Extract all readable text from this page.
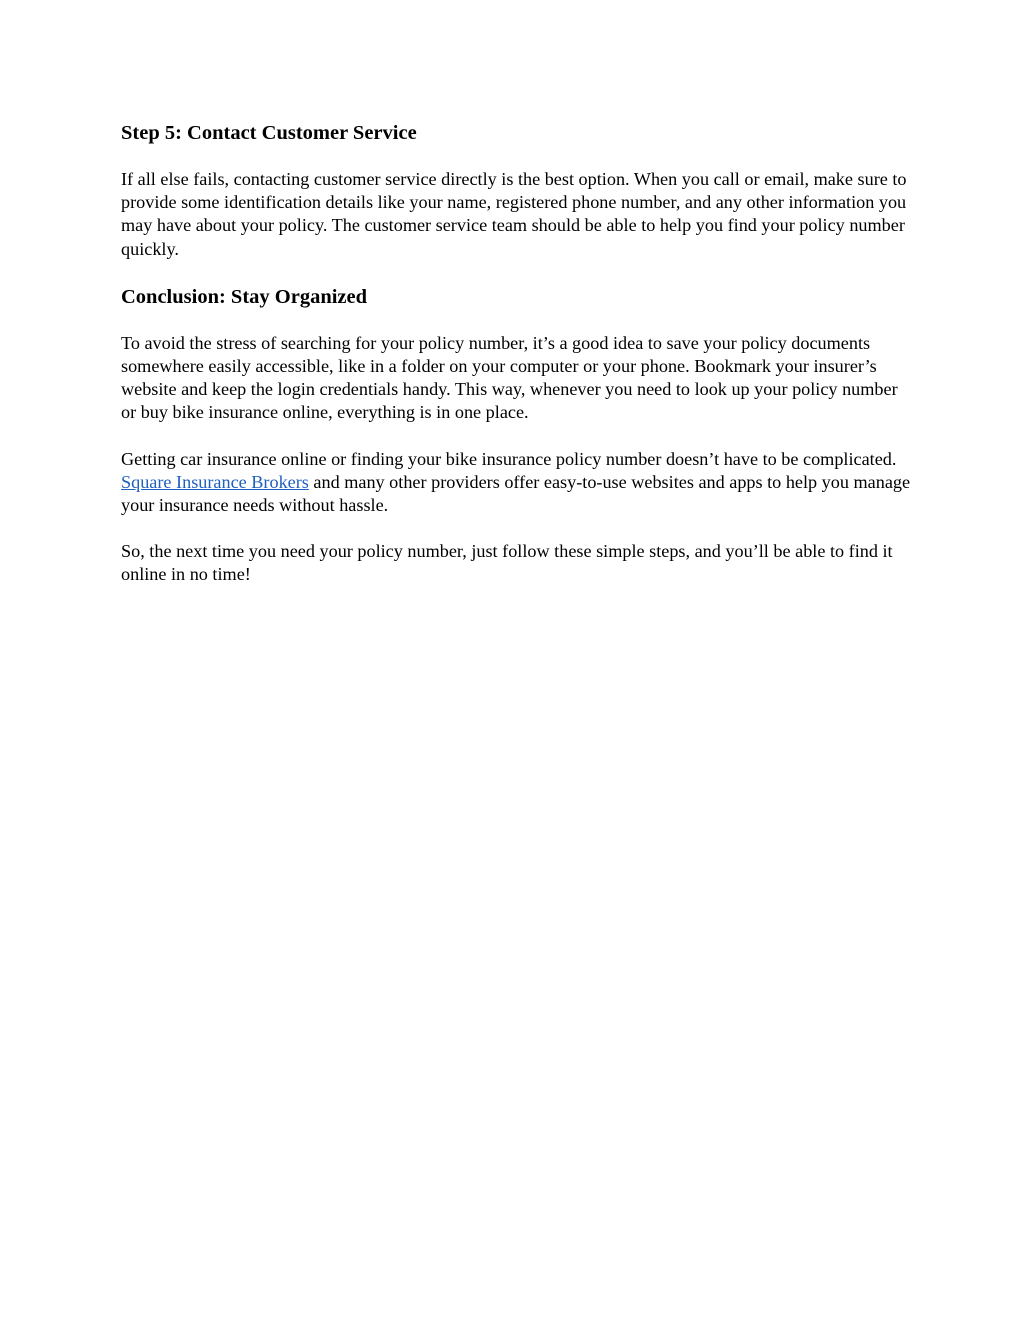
Step 5: Contact Customer Service

If all else fails, contacting customer service directly is the best option. When you call or email, make sure to provide some identification details like your name, registered phone number, and any other information you may have about your policy. The customer service team should be able to help you find your policy number quickly.

Conclusion: Stay Organized

To avoid the stress of searching for your policy number, it’s a good idea to save your policy documents somewhere easily accessible, like in a folder on your computer or your phone. Bookmark your insurer’s website and keep the login credentials handy. This way, whenever you need to look up your policy number or buy bike insurance online, everything is in one place.

Getting car insurance online or finding your bike insurance policy number doesn’t have to be complicated. Square Insurance Brokers and many other providers offer easy-to-use websites and apps to help you manage your insurance needs without hassle.

So, the next time you need your policy number, just follow these simple steps, and you’ll be able to find it online in no time!
